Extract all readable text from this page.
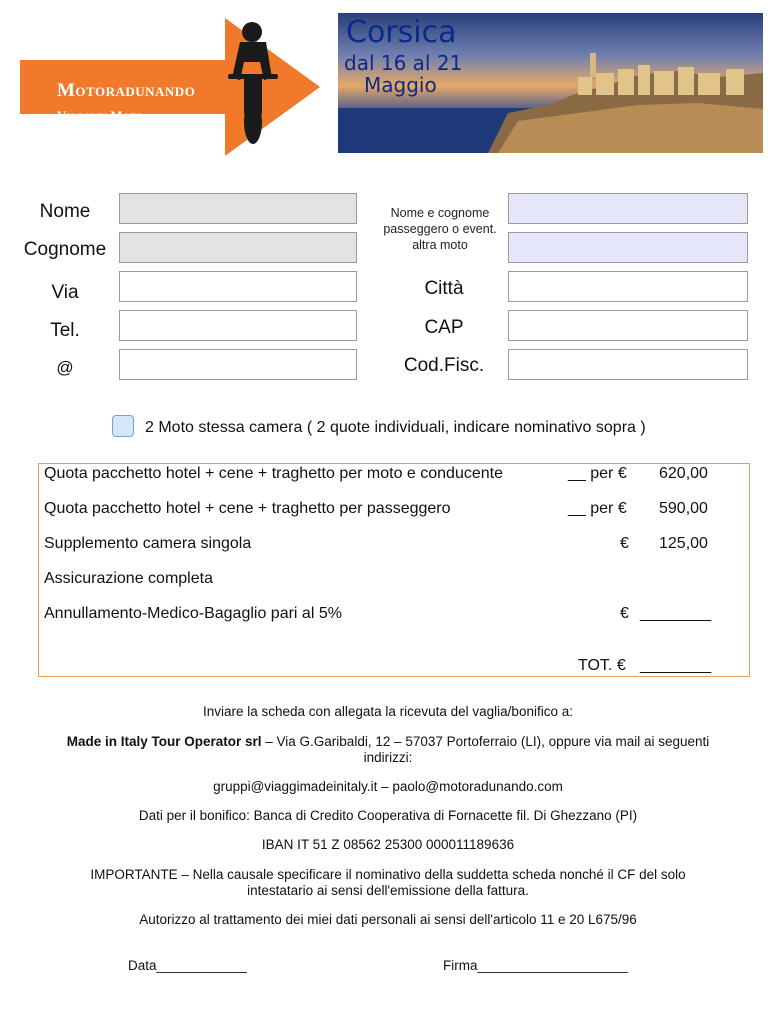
Motoradunando
Viaggi in Moto
Corsica
dal 16 al 21
Maggio
Nome
Cognome
Via
Tel.
@
Nome e cognome passeggero o event. altra moto
Città
CAP
Cod.Fisc.
2 Moto stessa camera ( 2 quote individuali, indicare nominativo sopra )
Quota pacchetto hotel + cene + traghetto per moto e conducente	__ per € 620,00
Quota pacchetto hotel + cene + traghetto per passeggero	__ per € 590,00
Supplemento camera singola	€ 125,00
Assicurazione completa
Annullamento-Medico-Bagaglio pari al 5%	€ ________
TOT. € ________
Inviare la scheda con allegata la ricevuta del vaglia/bonifico a:
Made in Italy Tour Operator srl – Via G.Garibaldi, 12 – 57037 Portoferraio (LI), oppure via mail ai seguenti indirizzi:
gruppi@viaggimadeinitaly.it – paolo@motoradunando.com
Dati per il bonifico: Banca di Credito Cooperativa di Fornacette fil. Di Ghezzano (PI)
IBAN IT 51 Z 08562 25300 000011189636
IMPORTANTE – Nella causale specificare il nominativo della suddetta scheda nonché il CF del solo intestatario ai sensi dell'emissione della fattura.
Autorizzo al trattamento dei miei dati personali ai sensi dell'articolo 11 e 20 L675/96
Data____________	Firma____________________
